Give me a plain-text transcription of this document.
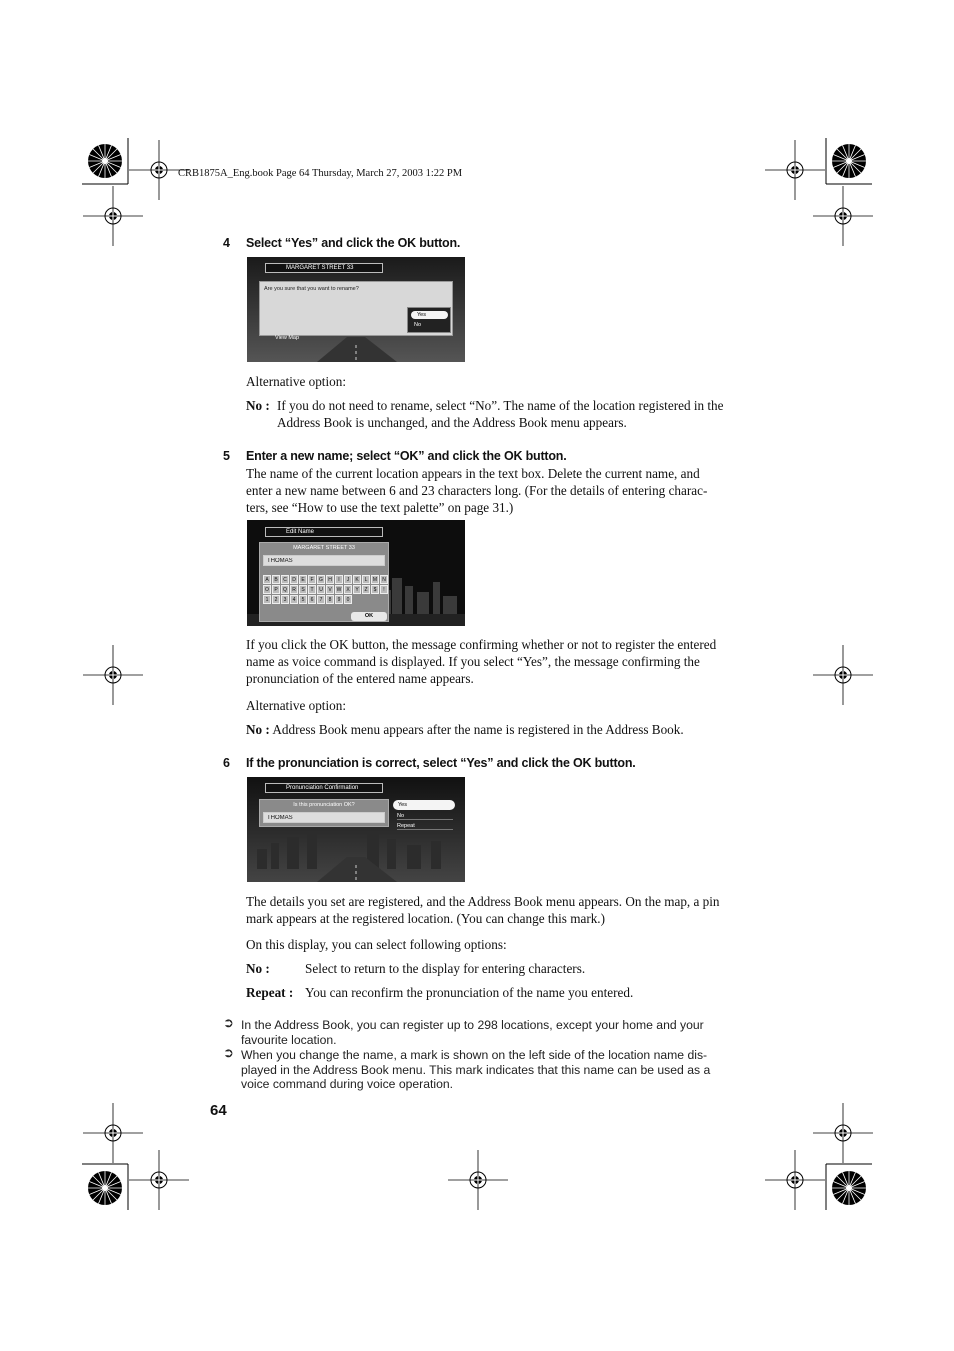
CRB1875A_Eng.book Page 64 Thursday, March 27, 2003 1:22 PM
4 Select “Yes” and click the OK button.
MARGARET STREET 33
Are you sure that you want to rename?
Yes
No
View Map
Alternative option:
No : If you do not need to rename, select “No”. The name of the location registered in the
Address Book is unchanged, and the Address Book menu appears.
5 Enter a new name; select “OK” and click the OK button.
The name of the current location appears in the text box. Delete the current name, and
enter a new name between 6 and 23 characters long. (For the details of entering charac-
ters, see “How to use the text palette” on page 31.)
Edit Name
MARGARET STREET 33
THOMAS
A	B	C	D	E	F	G	H	I	J	K	L	M	N
O	P	Q	R	S	T	U	V W X	Y	Z	$	!
1	2	3	4	5	6	7	8	9	0
OK
If you click the OK button, the message confirming whether or not to register the entered
name as voice command is displayed. If you select “Yes”, the message confirming the
pronunciation of the entered name appears.
Alternative option:
No : Address Book menu appears after the name is registered in the Address Book.
6 If the pronunciation is correct, select “Yes” and click the OK button.
Pronunciation Confirmation
Is this pronunciation OK?
THOMAS	Yes
No
Repeat
The details you set are registered, and the Address Book menu appears. On the map, a pin
mark appears at the registered location. (You can change this mark.)
On this display, you can select following options:
No :	Select to return to the display for entering characters.
Repeat : You can reconfirm the pronunciation of the name you entered.
➲ In the Address Book, you can register up to 298 locations, except your home and your
favourite location.
➲ When you change the name, a mark is shown on the left side of the location name dis-
played in the Address Book menu. This mark indicates that this name can be used as a
voice command during voice operation.
64
